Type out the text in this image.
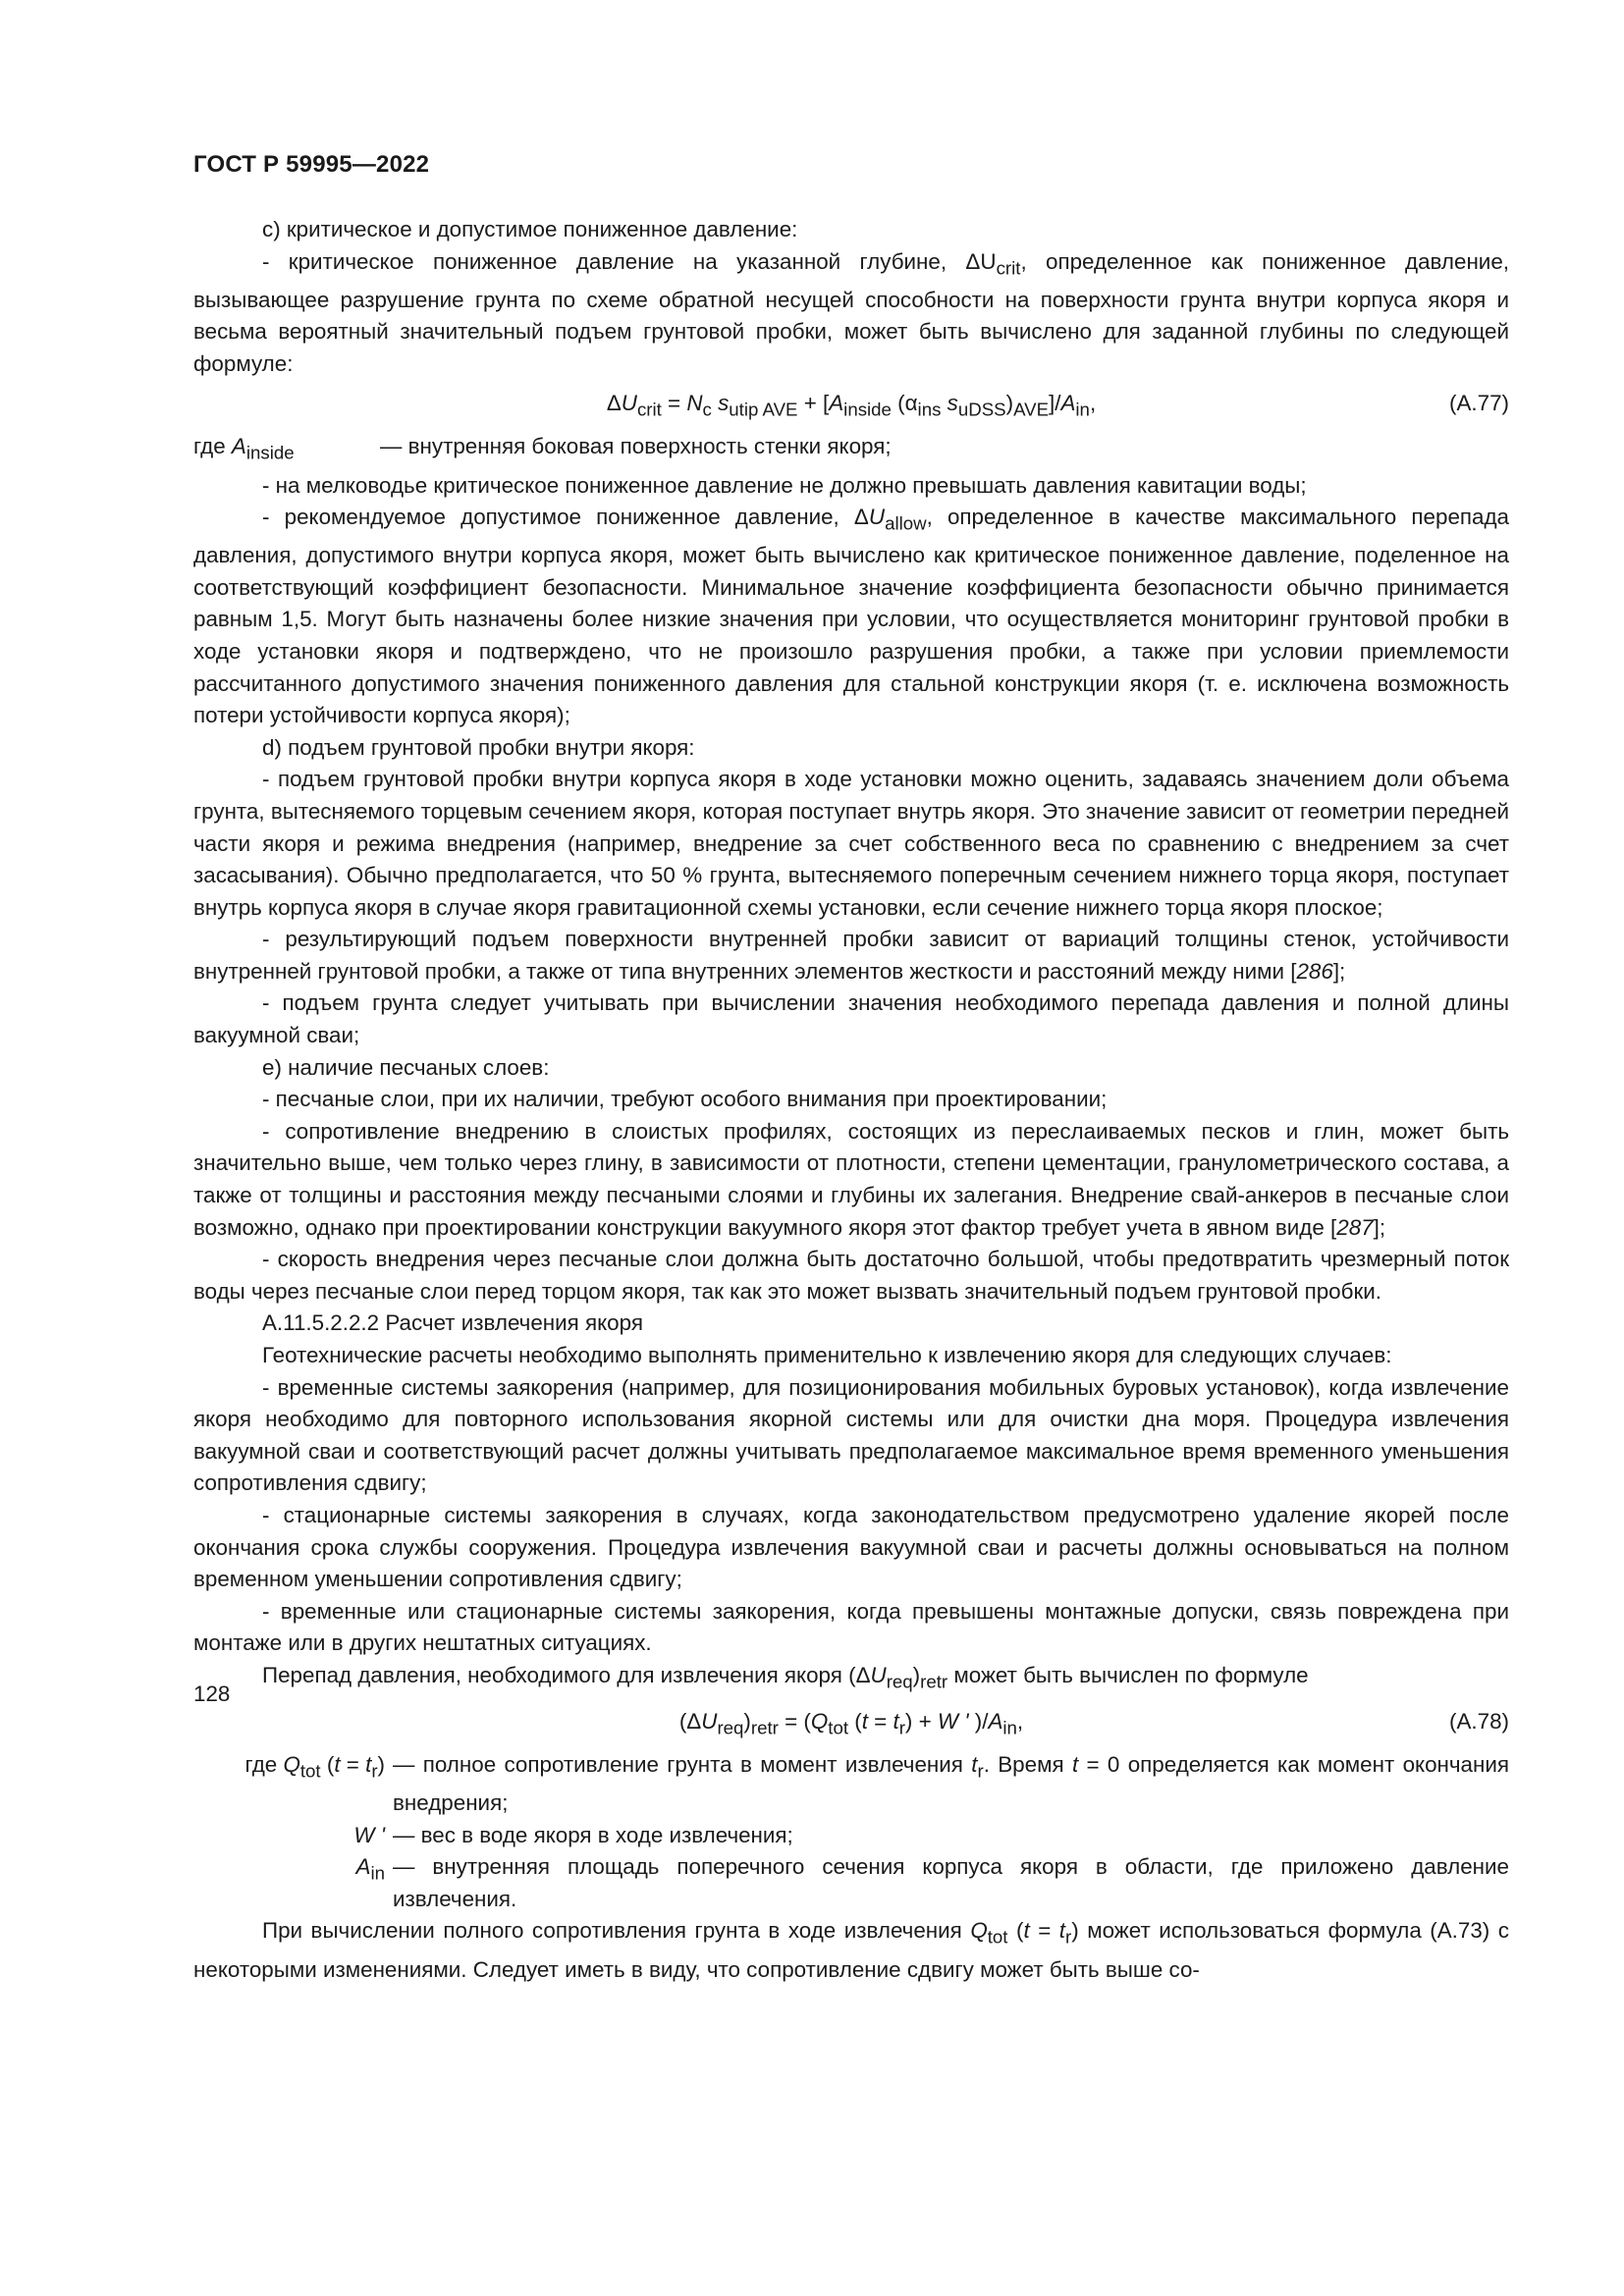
ГОСТ Р 59995—2022

c) критическое и допустимое пониженное давление:

- критическое пониженное давление на указанной глубине, $\Delta U_{crit}$, определенное как пониженное давление, вызывающее разрушение грунта по схеме обратной несущей способности на поверхности грунта внутри корпуса якоря и весьма вероятный значительный подъем грунтовой пробки, может быть вычислено для заданной глубины по следующей формуле:

$\Delta U_{crit} = N_c$ $s_{utip AVE} + [A_{inside}$ ($\alpha_{ins}$ $s_{uDSS})_{AVE}]/A_{in}$,	(А.77)
где $A_{inside}$	— внутренняя боковая поверхность стенки якоря;

- на мелководье критическое пониженное давление не должно превышать давления кавитации воды;

- рекомендуемое допустимое пониженное давление, $\Delta U_{allow}$, определенное в качестве максимального перепада давления, допустимого внутри корпуса якоря, может быть вычислено как критическое пониженное давление, поделенное на соответствующий коэффициент безопасности. Минимальное значение коэффициента безопасности обычно принимается равным 1,5. Могут быть назначены более низкие значения при условии, что осуществляется мониторинг грунтовой пробки в ходе установки якоря и подтверждено, что не произошло разрушения пробки, а также при условии приемлемости рассчитанного допустимого значения пониженного давления для стальной конструкции якоря (т. е. исключена возможность потери устойчивости корпуса якоря);

d) подъем грунтовой пробки внутри якоря:

- подъем грунтовой пробки внутри корпуса якоря в ходе установки можно оценить, задаваясь значением доли объема грунта, вытесняемого торцевым сечением якоря, которая поступает внутрь якоря. Это значение зависит от геометрии передней части якоря и режима внедрения (например, внедрение за счет собственного веса по сравнению с внедрением за счет засасывания). Обычно предполагается, что 50 % грунта, вытесняемого поперечным сечением нижнего торца якоря, поступает внутрь корпуса якоря в случае якоря гравитационной схемы установки, если сечение нижнего торца якоря плоское;

- результирующий подъем поверхности внутренней пробки зависит от вариаций толщины стенок, устойчивости внутренней грунтовой пробки, а также от типа внутренних элементов жесткости и расстояний между ними [286];

- подъем грунта следует учитывать при вычислении значения необходимого перепада давления и полной длины вакуумной сваи;

e) наличие песчаных слоев:

- песчаные слои, при их наличии, требуют особого внимания при проектировании;

- сопротивление внедрению в слоистых профилях, состоящих из переслаиваемых песков и глин, может быть значительно выше, чем только через глину, в зависимости от плотности, степени цементации, гранулометрического состава, а также от толщины и расстояния между песчаными слоями и глубины их залегания. Внедрение свай-анкеров в песчаные слои возможно, однако при проектировании конструкции вакуумного якоря этот фактор требует учета в явном виде [287];

- скорость внедрения через песчаные слои должна быть достаточно большой, чтобы предотвратить чрезмерный поток воды через песчаные слои перед торцом якоря, так как это может вызвать значительный подъем грунтовой пробки.

А.11.5.2.2.2 Расчет извлечения якоря

Геотехнические расчеты необходимо выполнять применительно к извлечению якоря для следующих случаев:

- временные системы заякорения (например, для позиционирования мобильных буровых установок), когда извлечение якоря необходимо для повторного использования якорной системы или для очистки дна моря. Процедура извлечения вакуумной сваи и соответствующий расчет должны учитывать предполагаемое максимальное время временного уменьшения сопротивления сдвигу;

- стационарные системы заякорения в случаях, когда законодательством предусмотрено удаление якорей после окончания срока службы сооружения. Процедура извлечения вакуумной сваи и расчеты должны основываться на полном временном уменьшении сопротивления сдвигу;

- временные или стационарные системы заякорения, когда превышены монтажные допуски, связь поврежденa при монтаже или в других нештатных ситуациях.

Перепад давления, необходимого для извлечения якоря $(\Delta U_{req})_{retr}$ может быть вычислен по формуле

$(\Delta U_{req})_{retr} = (Q_{tot}$ $(t = t_r) + W$ ' )$/A_{in}$,	(А.78)
где $Q_{tot}$ $(t = t_r)$ — полное сопротивление грунта в момент извлечения $t_r$. Время t = 0 определяется как момент окончания внедрения;
W ' — вес в воде якоря в ходе извлечения;
$A_{in}$ — внутренняя площадь поперечного сечения корпуса якоря в области, где приложено давление извлечения.

При вычислении полного сопротивления грунта в ходе извлечения $Q_{tot}$ $(t = t_r)$ может использоваться формула (А.73) с некоторыми изменениями. Следует иметь в виду, что сопротивление сдвигу может быть выше со-

128
